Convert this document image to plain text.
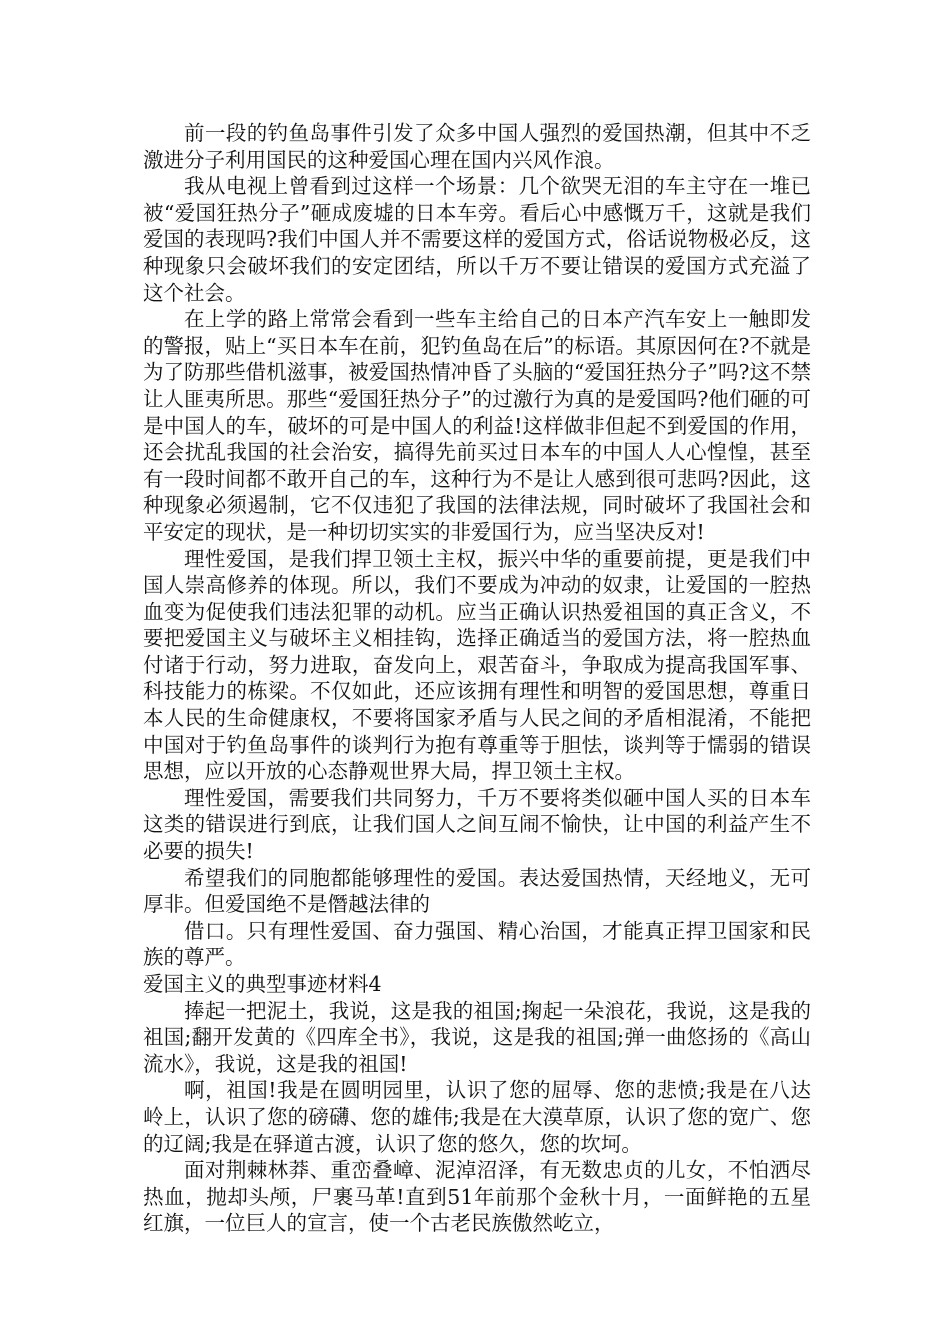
前一段的钓鱼岛事件引发了众多中国人强烈的爱国热潮，但其中不乏激进分子利用国民的这种爱国心理在国内兴风作浪。

我从电视上曾看到过这样一个场景：几个欲哭无泪的车主守在一堆已被“爱国狂热分子”砸成废墟的日本车旁。看后心中感慨万千，这就是我们爱国的表现吗?我们中国人并不需要这样的爱国方式，俗话说物极必反，这种现象只会破坏我们的安定团结，所以千万不要让错误的爱国方式充溢了这个社会。

在上学的路上常常会看到一些车主给自己的日本产汽车安上一触即发的警报，贴上“买日本车在前，犯钓鱼岛在后”的标语。其原因何在?不就是为了防那些借机滋事，被爱国热情冲昏了头脑的“爱国狂热分子”吗?这不禁让人匪夷所思。那些“爱国狂热分子”的过激行为真的是爱国吗?他们砸的可是中国人的车，破坏的可是中国人的利益!这样做非但起不到爱国的作用，还会扰乱我国的社会治安，搞得先前买过日本车的中国人人心惶惶，甚至有一段时间都不敢开自己的车，这种行为不是让人感到很可悲吗?因此，这种现象必须遏制，它不仅违犯了我国的法律法规，同时破坏了我国社会和平安定的现状，是一种切切实实的非爱国行为，应当坚决反对!

理性爱国，是我们捍卫领土主权，振兴中华的重要前提，更是我们中国人崇高修养的体现。所以，我们不要成为冲动的奴隶，让爱国的一腔热血变为促使我们违法犯罪的动机。应当正确认识热爱祖国的真正含义，不要把爱国主义与破坏主义相挂钩，选择正确适当的爱国方法，将一腔热血付诸于行动，努力进取，奋发向上，艰苦奋斗，争取成为提高我国军事、科技能力的栋梁。不仅如此，还应该拥有理性和明智的爱国思想，尊重日本人民的生命健康权，不要将国家矛盾与人民之间的矛盾相混淆，不能把中国对于钓鱼岛事件的谈判行为抱有尊重等于胆怯，谈判等于懦弱的错误思想，应以开放的心态静观世界大局，捍卫领土主权。

理性爱国，需要我们共同努力，千万不要将类似砸中国人买的日本车这类的错误进行到底，让我们国人之间互闹不愉快，让中国的利益产生不必要的损失!

希望我们的同胞都能够理性的爱国。表达爱国热情，天经地义，无可厚非。但爱国绝不是僭越法律的

借口。只有理性爱国、奋力强国、精心治国，才能真正捍卫国家和民族的尊严。

爱国主义的典型事迹材料4

捧起一把泥土，我说，这是我的祖国;掬起一朵浪花，我说，这是我的祖国;翻开发黄的《四库全书》，我说，这是我的祖国;弹一曲悠扬的《高山流水》，我说，这是我的祖国!

啊，祖国!我是在圆明园里，认识了您的屈辱、您的悲愤;我是在八达岭上，认识了您的磅礴、您的雄伟;我是在大漠草原，认识了您的宽广、您的辽阔;我是在驿道古渡，认识了您的悠久，您的坎坷。

面对荆棘林莽、重峦叠嶂、泥淖沼泽，有无数忠贞的儿女，不怕洒尽热血，抛却头颅，尸裹马革!直到51年前那个金秋十月，一面鲜艳的五星红旗，一位巨人的宣言，使一个古老民族傲然屹立，
